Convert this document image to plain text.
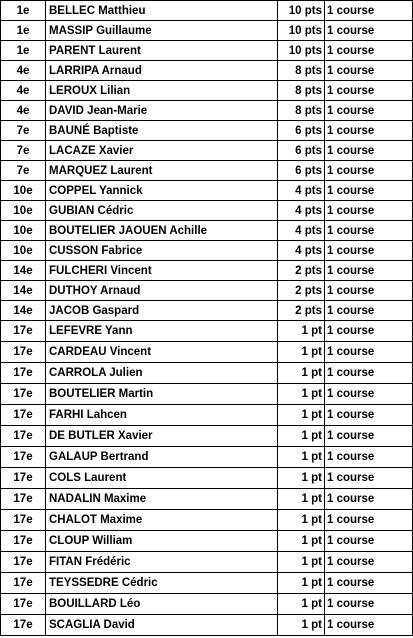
1e	BELLEC Matthieu	10 pts	1 course
1e	MASSIP Guillaume	10 pts	1 course
1e	PARENT Laurent	10 pts	1 course
4e	LARRIPA Arnaud	8 pts	1 course
4e	LEROUX Lilian	8 pts	1 course
4e	DAVID Jean-Marie	8 pts	1 course
7e	BAUNÉ Baptiste	6 pts	1 course
7e	LACAZE Xavier	6 pts	1 course
7e	MARQUEZ Laurent	6 pts	1 course
10e	COPPEL Yannick	4 pts	1 course
10e	GUBIAN Cédric	4 pts	1 course
10e	BOUTELIER JAOUEN Achille	4 pts	1 course
10e	CUSSON Fabrice	4 pts	1 course
14e	FULCHERI Vincent	2 pts	1 course
14e	DUTHOY Arnaud	2 pts	1 course
14e	JACOB Gaspard	2 pts	1 course
17e	LEFEVRE Yann	1 pt	1 course
17e	CARDEAU Vincent	1 pt	1 course
17e	CARROLA Julien	1 pt	1 course
17e	BOUTELIER Martin	1 pt	1 course
17e	FARHI Lahcen	1 pt	1 course
17e	DE BUTLER Xavier	1 pt	1 course
17e	GALAUP Bertrand	1 pt	1 course
17e	COLS Laurent	1 pt	1 course
17e	NADALIN Maxime	1 pt	1 course
17e	CHALOT Maxime	1 pt	1 course
17e	CLOUP William	1 pt	1 course
17e	FITAN Frédéric	1 pt	1 course
17e	TEYSSEDRE Cédric	1 pt	1 course
17e	BOUILLARD Léo	1 pt	1 course
17e	SCAGLIA David	1 pt	1 course
